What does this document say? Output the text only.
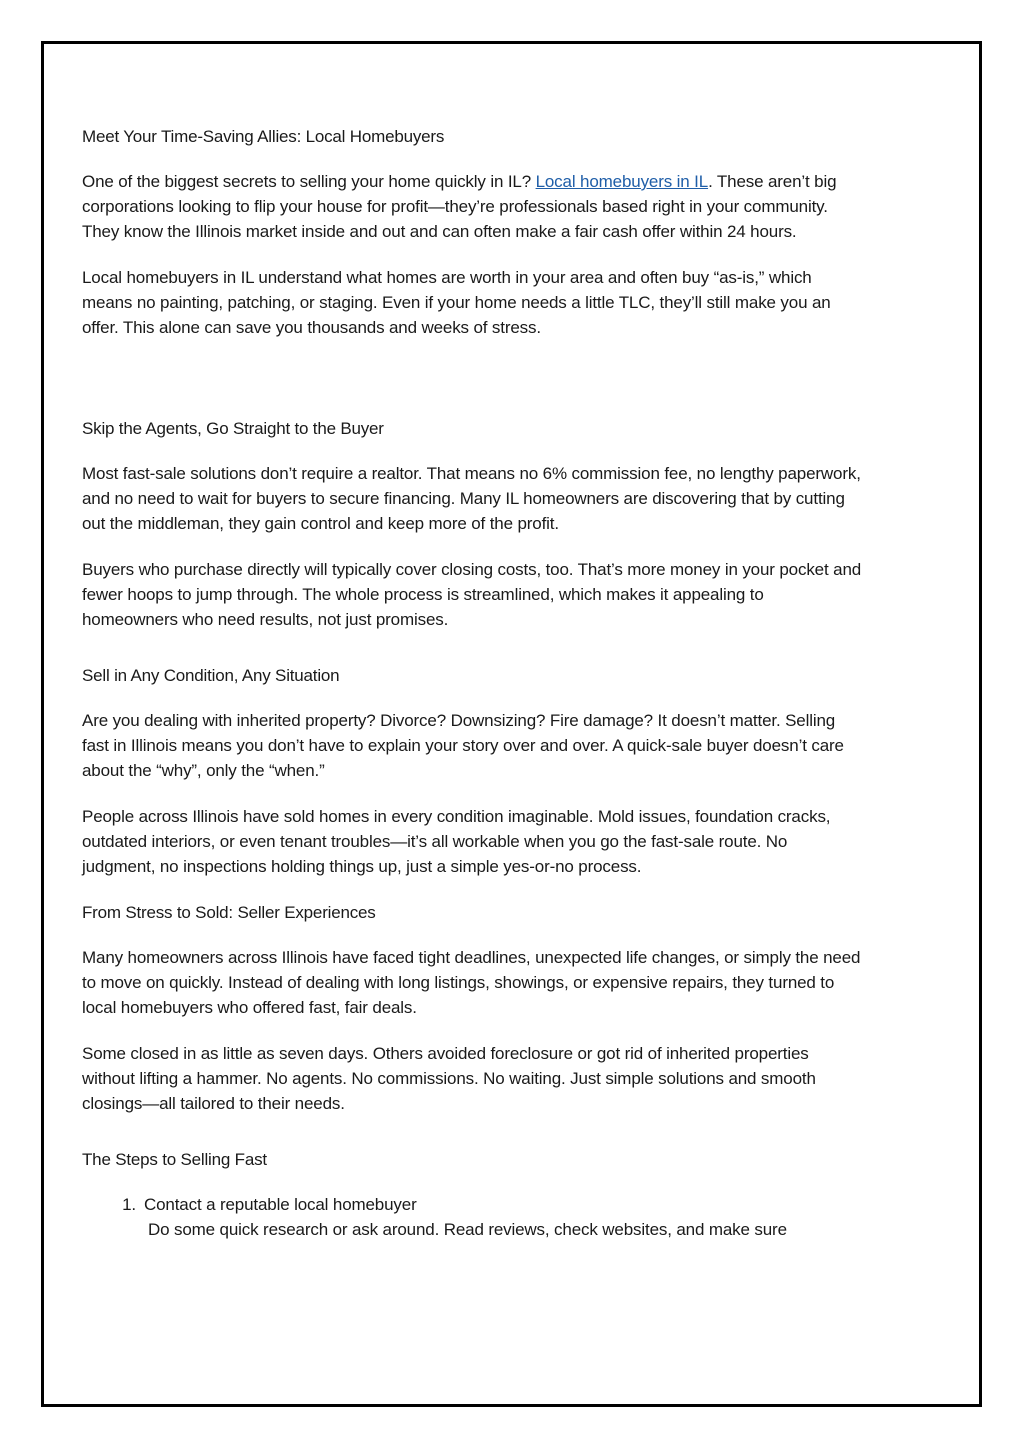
Meet Your Time-Saving Allies: Local Homebuyers

One of the biggest secrets to selling your home quickly in IL? Local homebuyers in IL. These aren’t big corporations looking to flip your house for profit—they’re professionals based right in your community. They know the Illinois market inside and out and can often make a fair cash offer within 24 hours.

Local homebuyers in IL understand what homes are worth in your area and often buy “as-is,” which means no painting, patching, or staging. Even if your home needs a little TLC, they’ll still make you an offer. This alone can save you thousands and weeks of stress.

Skip the Agents, Go Straight to the Buyer

Most fast-sale solutions don’t require a realtor. That means no 6% commission fee, no lengthy paperwork, and no need to wait for buyers to secure financing. Many IL homeowners are discovering that by cutting out the middleman, they gain control and keep more of the profit.

Buyers who purchase directly will typically cover closing costs, too. That’s more money in your pocket and fewer hoops to jump through. The whole process is streamlined, which makes it appealing to homeowners who need results, not just promises.

Sell in Any Condition, Any Situation

Are you dealing with inherited property? Divorce? Downsizing? Fire damage? It doesn’t matter. Selling fast in Illinois means you don’t have to explain your story over and over. A quick-sale buyer doesn’t care about the “why”, only the “when.”

People across Illinois have sold homes in every condition imaginable. Mold issues, foundation cracks, outdated interiors, or even tenant troubles—it’s all workable when you go the fast-sale route. No judgment, no inspections holding things up, just a simple yes-or-no process.

From Stress to Sold: Seller Experiences

Many homeowners across Illinois have faced tight deadlines, unexpected life changes, or simply the need to move on quickly. Instead of dealing with long listings, showings, or expensive repairs, they turned to local homebuyers who offered fast, fair deals.

Some closed in as little as seven days. Others avoided foreclosure or got rid of inherited properties without lifting a hammer. No agents. No commissions. No waiting. Just simple solutions and smooth closings—all tailored to their needs.

The Steps to Selling Fast
1. Contact a reputable local homebuyer
Do some quick research or ask around. Read reviews, check websites, and make sure
